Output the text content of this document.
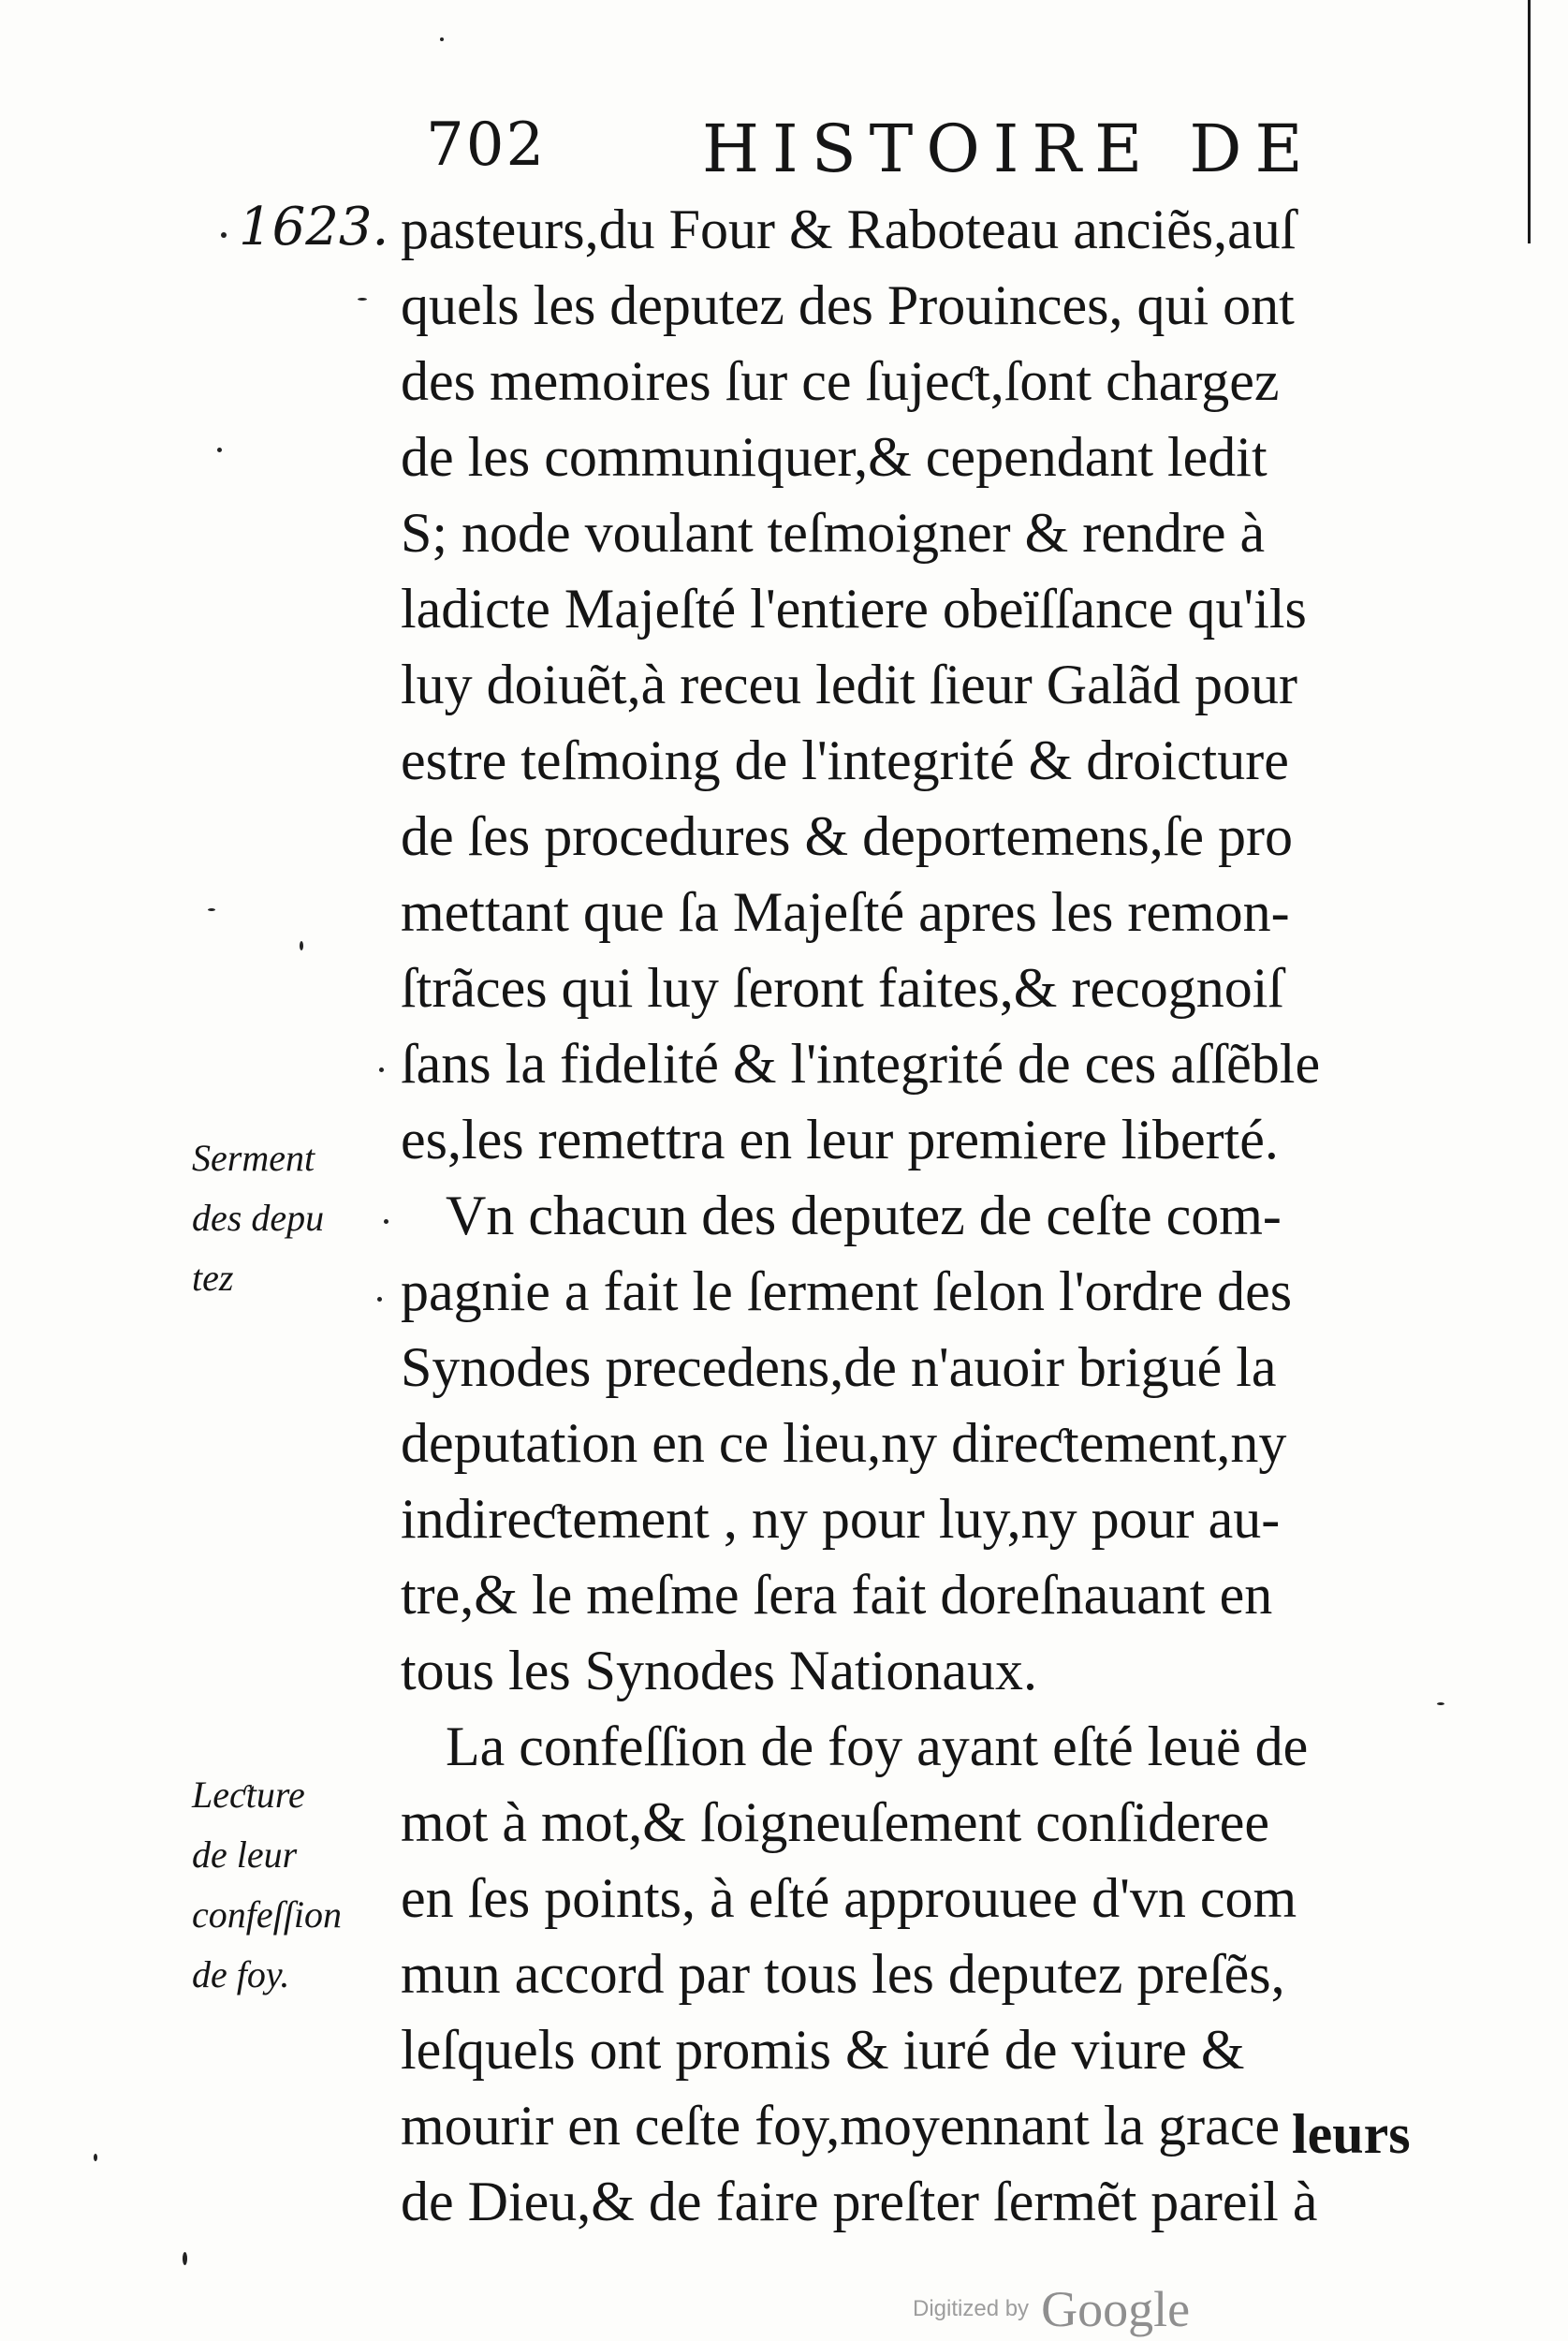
702 HISTOIRE DE
1623. pasteurs,du Four & Raboteau anciẽs,auſ
quels les deputez des Prouinces, qui ont
des memoires ſur ce ſujeƈt,ſont chargez
de les communiquer,& cependant ledit
S; node voulant teſmoigner & rendre à
ladicte Majeſté l'entiere obeïſſance qu'ils
luy doiuẽt,à receu ledit ſieur Galãd pour
estre teſmoing de l'integrité & droicture
de ſes procedures & deportemens,ſe pro
mettant que ſa Majeſté apres les remon-
ſtrãces qui luy ſeront faites,& recognoiſ
ſans la fidelité & l'integrité de ces aſſẽble
es,les remettra en leur premiere liberté.
Vn chacun des deputez de ceſte com-
pagnie a fait le ſerment ſelon l'ordre des
Synodes precedens,de n'auoir brigué la
deputation en ce lieu,ny direƈtement,ny
indireƈtement , ny pour luy,ny pour au-
tre,& le meſme ſera fait doreſnauant en
tous les Synodes Nationaux.
La confeſſion de foy ayant eſté leuë de
mot à mot,& ſoigneuſement conſideree
en ſes points, à eſté approuuee d'vn com
mun accord par tous les deputez preſẽs,
leſquels ont promis & iuré de viure &
mourir en ceſte foy,moyennant la grace
de Dieu,& de faire preſter ſermẽt pareil à
leurs
Serment
des depu
tez
Leƈture
de leur
confeſſion
de foy.
Digitized by Google
